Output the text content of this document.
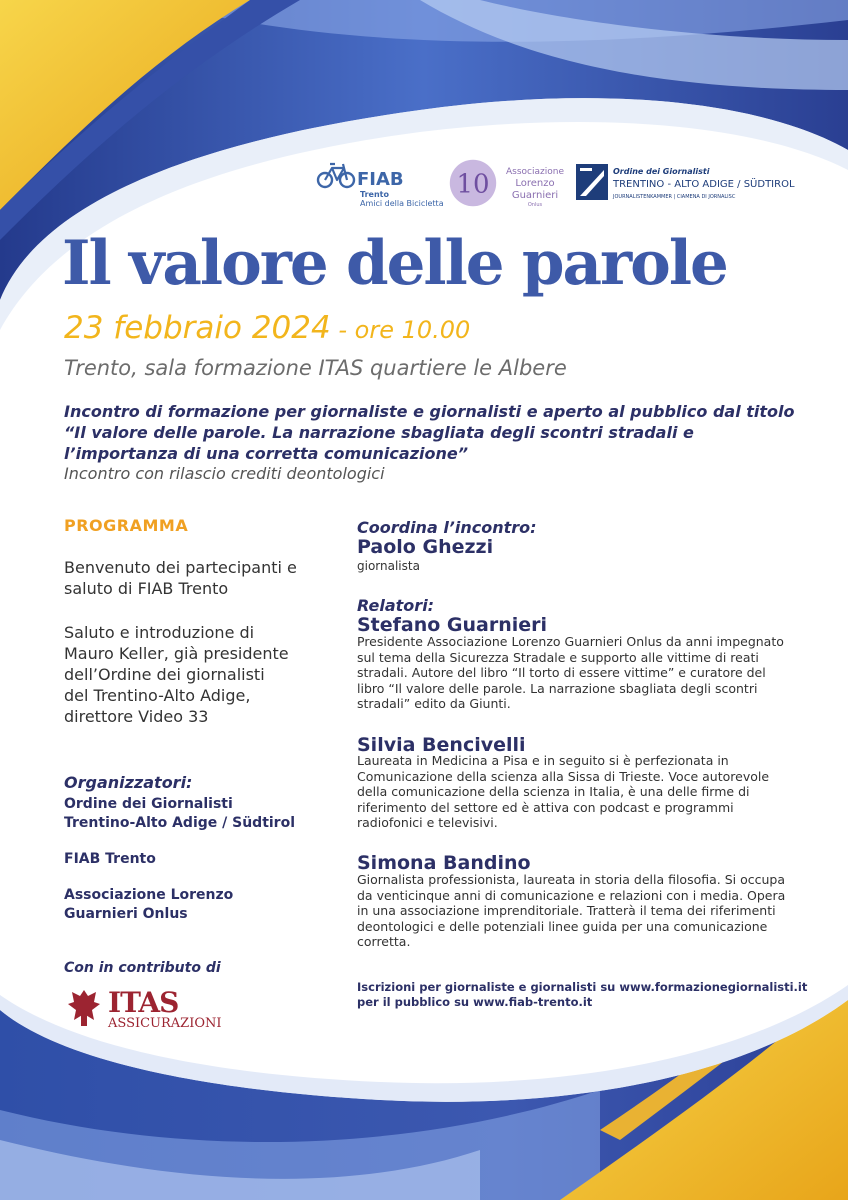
FIAB
Trento
Amici della Bicicletta
10	Associazione
Lorenzo
Guarnieri
Onlus
Ordine dei Giornalisti
TRENTINO - ALTO ADIGE / SÜDTIROL
JOURNALISTENKAMMER | CIAMENA DI JORNALISC
Il valore delle parole
23 febbraio 2024 - ore 10.00
Trento, sala formazione ITAS quartiere le Albere
Incontro di formazione per giornaliste e giornalisti e aperto al pubblico dal titolo “Il valore delle parole. La narrazione sbagliata degli scontri stradali e l’importanza di una corretta comunicazione”
Incontro con rilascio crediti deontologici
PROGRAMMA
Benvenuto dei partecipanti e saluto di FIAB Trento
Saluto e introduzione di Mauro Keller, già presidente dell’Ordine dei giornalisti del Trentino-Alto Adige, direttore Video 33
Organizzatori:
Ordine dei Giornalisti Trentino-Alto Adige / Südtirol
FIAB Trento
Associazione Lorenzo Guarnieri Onlus
Con in contributo di
ITAS
ASSICURAZIONI
Coordina l’incontro:
Paolo Ghezzi
giornalista
Relatori:
Stefano Guarnieri
Presidente Associazione Lorenzo Guarnieri Onlus da anni impegnato sul tema della Sicurezza Stradale e supporto alle vittime di reati stradali. Autore del libro “Il torto di essere vittime” e curatore del libro “Il valore delle parole. La narrazione sbagliata degli scontri stradali” edito da Giunti.
Silvia Bencivelli
Laureata in Medicina a Pisa e in seguito si è perfezionata in Comunicazione della scienza alla Sissa di Trieste. Voce autorevole della comunicazione della scienza in Italia, è una delle firme di riferimento del settore ed è attiva con podcast e programmi radiofonici e televisivi.
Simona Bandino
Giornalista professionista, laureata in storia della filosofia. Si occupa da venticinque anni di comunicazione e relazioni con i media. Opera in una associazione imprenditoriale. Tratterà il tema dei riferimenti deontologici e delle potenziali linee guida per una comunicazione corretta.
Iscrizioni per giornaliste e giornalisti su www.formazionegiornalisti.it
per il pubblico su www.fiab-trento.it
